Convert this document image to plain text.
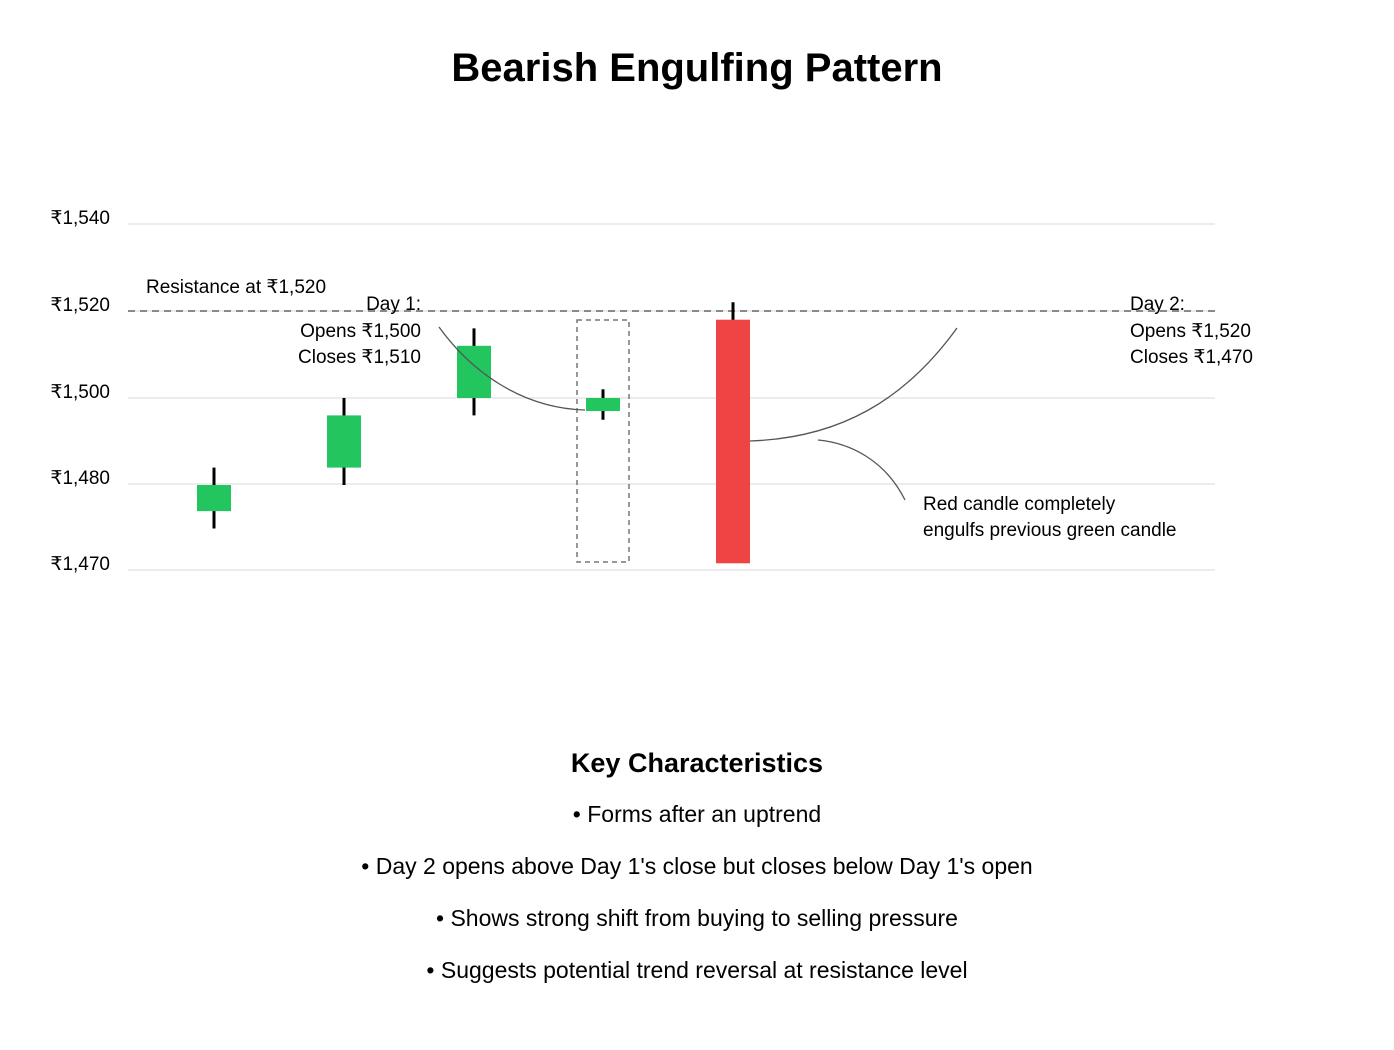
Bearish Engulfing Pattern
₹1,540
₹1,520
₹1,500
₹1,480
₹1,470
Resistance at ₹1,520
Day 1:
Opens ₹1,500
Closes ₹1,510
Day 2:
Opens ₹1,520
Closes ₹1,470
Red candle completely
engulfs previous green candle
Key Characteristics
• Forms after an uptrend
• Day 2 opens above Day 1's close but closes below Day 1's open
• Shows strong shift from buying to selling pressure
• Suggests potential trend reversal at resistance level
